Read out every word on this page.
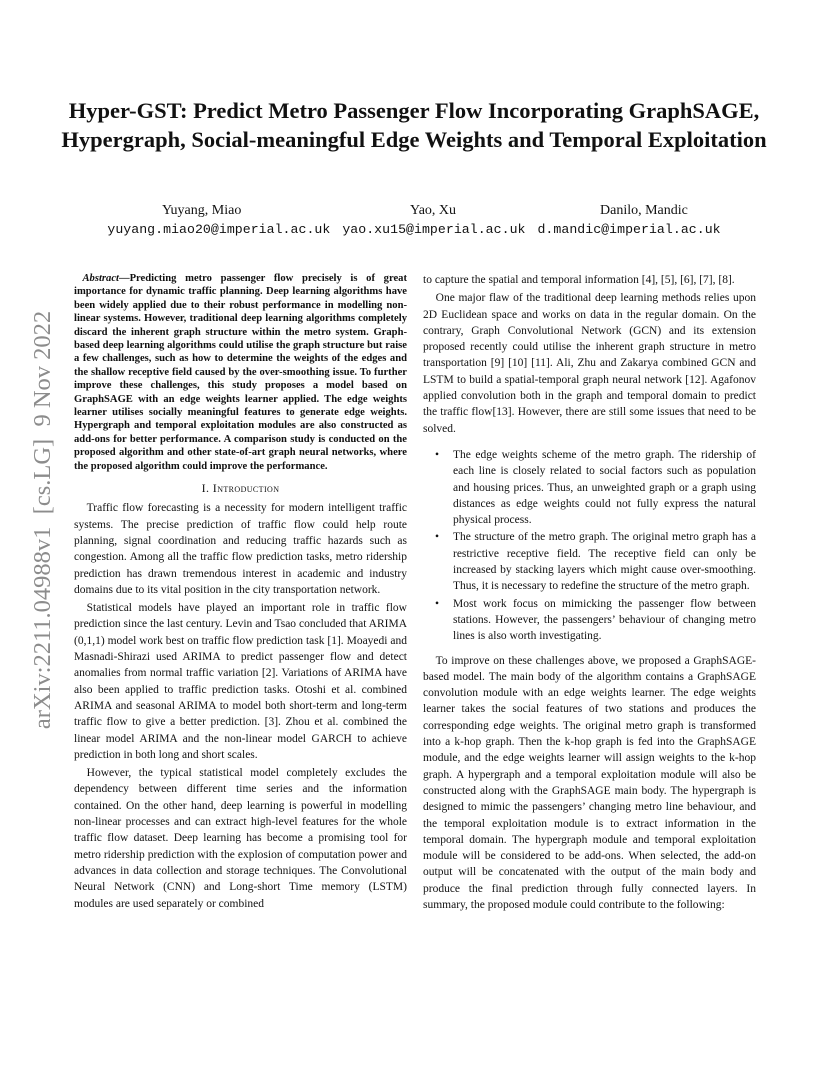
arXiv:2211.04988v1  [cs.LG]  9 Nov 2022
Hyper-GST: Predict Metro Passenger Flow Incorporating GraphSAGE, Hypergraph, Social-meaningful Edge Weights and Temporal Exploitation
Yuyang, Miao	Yao, Xu	Danilo, Mandic
yuyang.miao20@imperial.ac.uk yao.xu15@imperial.ac.uk d.mandic@imperial.ac.uk

Abstract—Predicting metro passenger flow precisely is of great importance for dynamic traffic planning. Deep learning algorithms have been widely applied due to their robust performance in modelling non-linear systems. However, traditional deep learning algorithms completely discard the inherent graph structure within the metro system. Graph-based deep learning algorithms could utilise the graph structure but raise a few challenges, such as how to determine the weights of the edges and the shallow receptive field caused by the over-smoothing issue. To further improve these challenges, this study proposes a model based on GraphSAGE with an edge weights learner applied. The edge weights learner utilises socially meaningful features to generate edge weights. Hypergraph and temporal exploitation modules are also constructed as add-ons for better performance. A comparison study is conducted on the proposed algorithm and other state-of-art graph neural networks, where the proposed algorithm could improve the performance.

I. Introduction

Traffic flow forecasting is a necessity for modern intelligent traffic systems. The precise prediction of traffic flow could help route planning, signal coordination and reducing traffic hazards such as congestion. Among all the traffic flow prediction tasks, metro ridership prediction has drawn tremendous interest in academic and industry domains due to its vital position in the city transportation network.

Statistical models have played an important role in traffic flow prediction since the last century. Levin and Tsao concluded that ARIMA (0,1,1) model work best on traffic flow prediction task [1]. Moayedi and Masnadi-Shirazi used ARIMA to predict passenger flow and detect anomalies from normal traffic variation [2]. Variations of ARIMA have also been applied to traffic prediction tasks. Otoshi et al. combined ARIMA and seasonal ARIMA to model both short-term and long-term traffic flow to give a better prediction. [3]. Zhou et al. combined the linear model ARIMA and the non-linear model GARCH to achieve prediction in both long and short scales.

However, the typical statistical model completely excludes the dependency between different time series and the information contained. On the other hand, deep learning is powerful in modelling non-linear processes and can extract high-level features for the whole traffic flow dataset. Deep learning has become a promising tool for metro ridership prediction with the explosion of computation power and advances in data collection and storage techniques. The Convolutional Neural Network (CNN) and Long-short Time memory (LSTM) modules are used separately or combined

to capture the spatial and temporal information [4], [5], [6], [7], [8].

One major flaw of the traditional deep learning methods relies upon 2D Euclidean space and works on data in the regular domain. On the contrary, Graph Convolutional Network (GCN) and its extension proposed recently could utilise the inherent graph structure in metro transportation [9] [10] [11]. Ali, Zhu and Zakarya combined GCN and LSTM to build a spatial-temporal graph neural network [12]. Agafonov applied convolution both in the graph and temporal domain to predict the traffic flow[13]. However, there are still some issues that need to be solved.

• The edge weights scheme of the metro graph. The ridership of each line is closely related to social factors such as population and housing prices. Thus, an unweighted graph or a graph using distances as edge weights could not fully express the natural physical process.
• The structure of the metro graph. The original metro graph has a restrictive receptive field. The receptive field can only be increased by stacking layers which might cause over-smoothing. Thus, it is necessary to redefine the structure of the metro graph.
• Most work focus on mimicking the passenger flow between stations. However, the passengers’ behaviour of changing metro lines is also worth investigating.

To improve on these challenges above, we proposed a GraphSAGE-based model. The main body of the algorithm contains a GraphSAGE convolution module with an edge weights learner. The edge weights learner takes the social features of two stations and produces the corresponding edge weights. The original metro graph is transformed into a k-hop graph. Then the k-hop graph is fed into the GraphSAGE module, and the edge weights learner will assign weights to the k-hop graph. A hypergraph and a temporal exploitation module will also be constructed along with the GraphSAGE main body. The hypergraph is designed to mimic the passengers’ changing metro line behaviour, and the temporal exploitation module is to extract information in the temporal domain. The hypergraph module and temporal exploitation module will be considered to be add-ons. When selected, the add-on output will be concatenated with the output of the main body and produce the final prediction through fully connected layers. In summary, the proposed module could contribute to the following:
